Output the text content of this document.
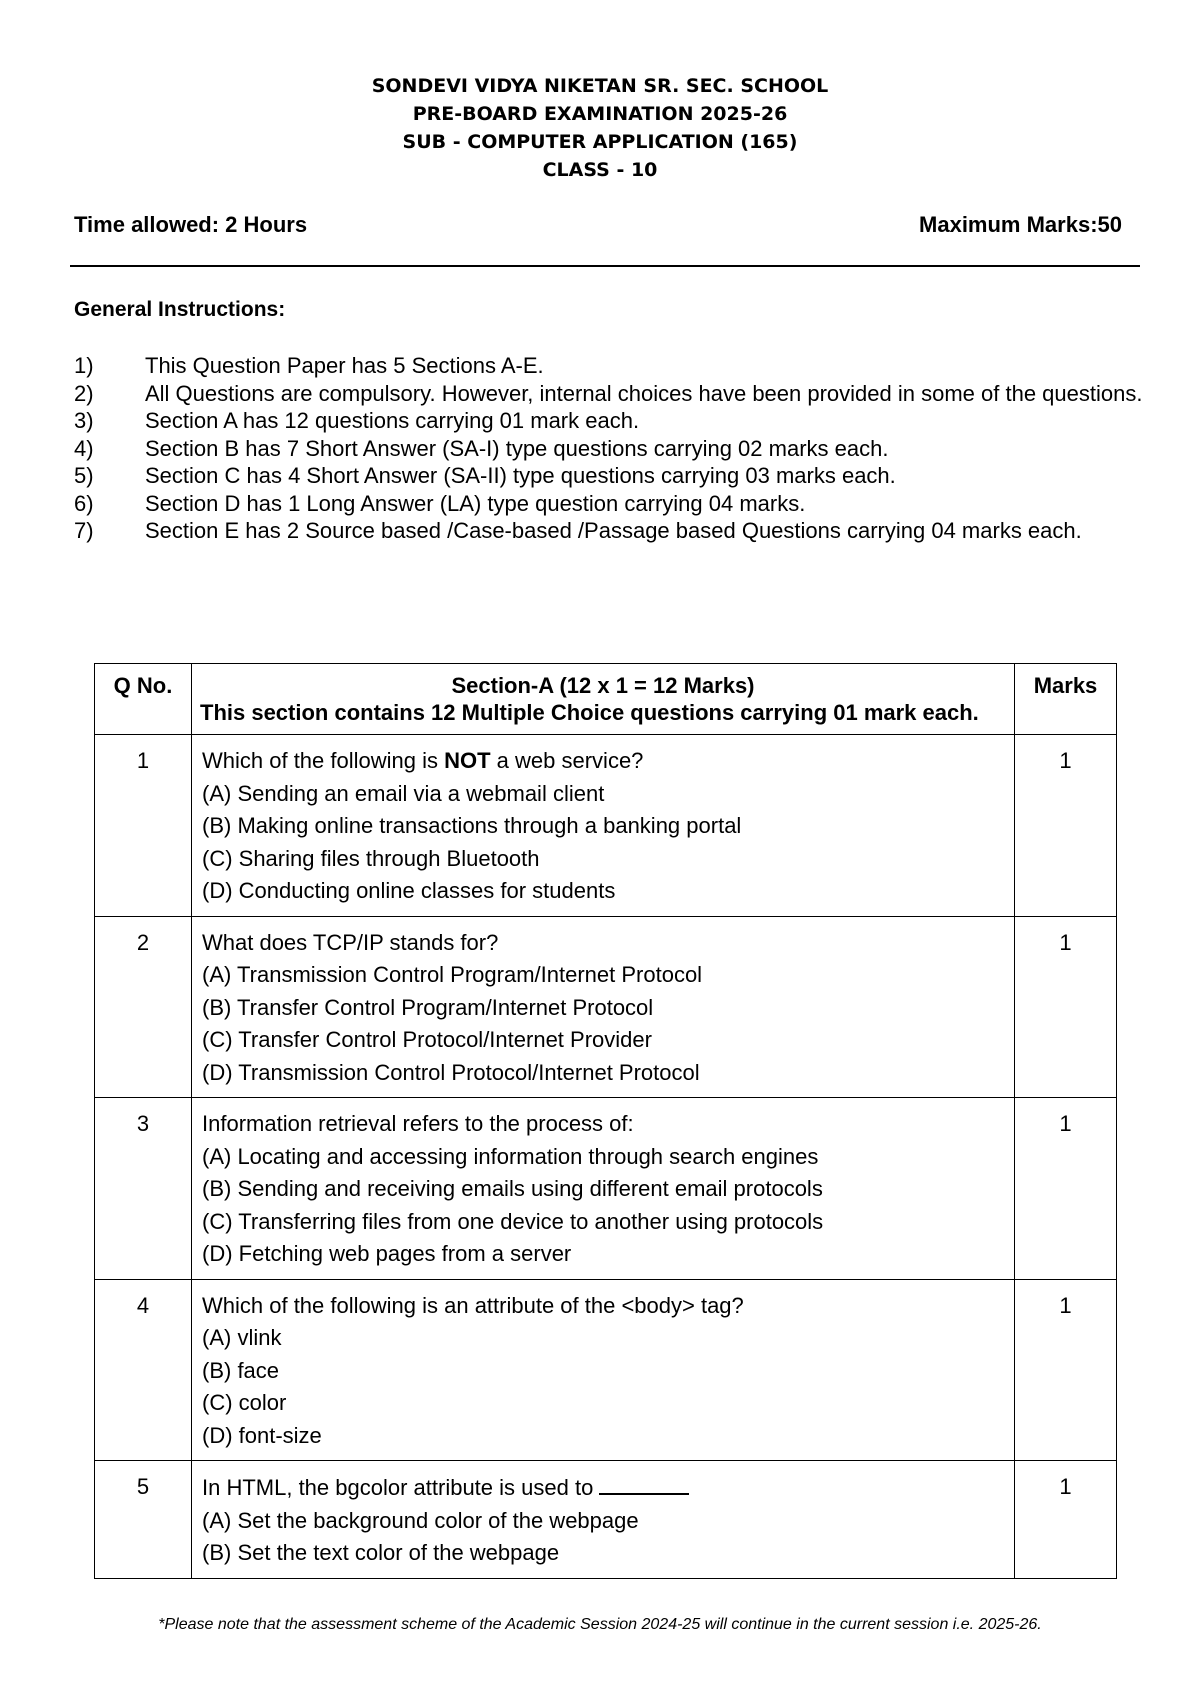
SONDEVI VIDYA NIKETAN SR. SEC. SCHOOL
PRE-BOARD EXAMINATION 2025-26
SUB - COMPUTER APPLICATION (165)
CLASS - 10
Time allowed: 2 Hours	Maximum Marks:50
General Instructions:
1)	This Question Paper has 5 Sections A-E.
2)	All Questions are compulsory. However, internal choices have been provided in some of the questions.
3)	Section A has 12 questions carrying 01 mark each.
4)	Section B has 7 Short Answer (SA-I) type questions carrying 02 marks each.
5)	Section C has 4 Short Answer (SA-II) type questions carrying 03 marks each.
6)	Section D has 1 Long Answer (LA) type question carrying 04 marks.
7)	Section E has 2 Source based /Case-based /Passage based Questions carrying 04 marks each.
Q No.	Section-A (12 x 1 = 12 Marks)

This section contains 12 Multiple Choice questions carrying 01 mark each.	Marks
1	Which of the following is NOT a web service?
(A) Sending an email via a webmail client
(B) Making online transactions through a banking portal
(C) Sharing files through Bluetooth
(D) Conducting online classes for students	1
2	What does TCP/IP stands for?
(A) Transmission Control Program/Internet Protocol
(B) Transfer Control Program/Internet Protocol
(C) Transfer Control Protocol/Internet Provider
(D) Transmission Control Protocol/Internet Protocol	1
3	Information retrieval refers to the process of:
(A) Locating and accessing information through search engines
(B) Sending and receiving emails using different email protocols
(C) Transferring files from one device to another using protocols
(D) Fetching web pages from a server	1
4	Which of the following is an attribute of the <body> tag?
(A) vlink
(B) face
(C) color
(D) font-size	1
5	In HTML, the bgcolor attribute is used to
(A) Set the background color of the webpage
(B) Set the text color of the webpage	1
*Please note that the assessment scheme of the Academic Session 2024-25 will continue in the current session i.e. 2025-26.
